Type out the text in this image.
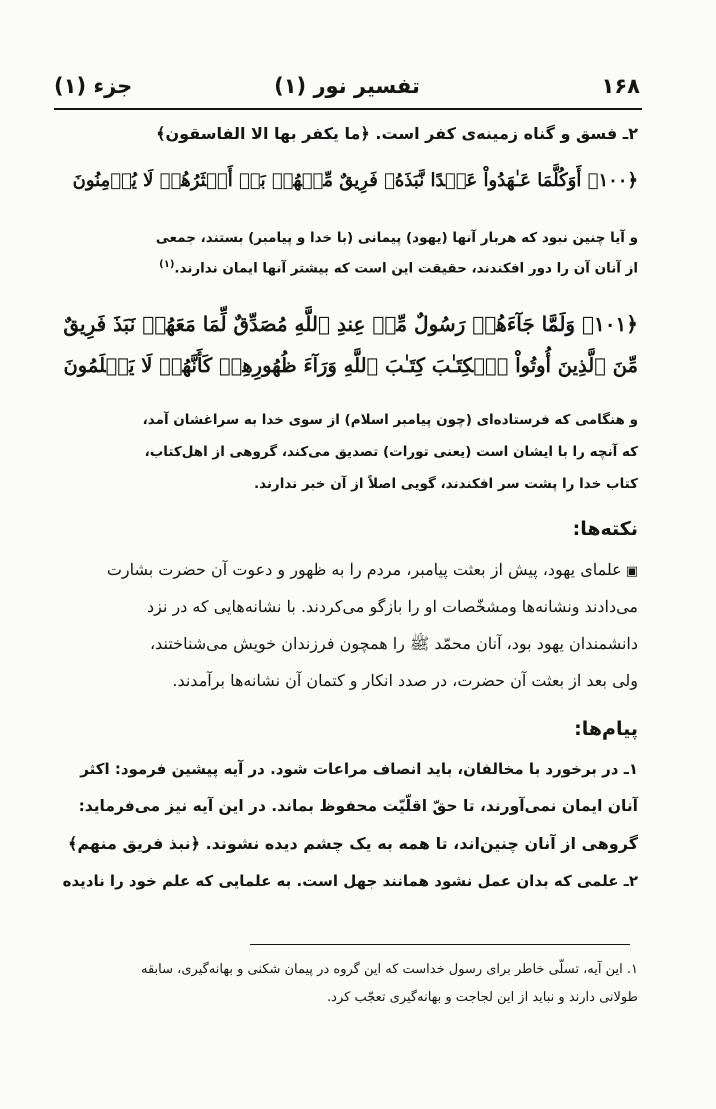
۱۶۸
تفسیر نور (۱)
جزء (۱)
۲ـ فسق و گناه زمینه‌ی کفر است. ﴿ما یکفر بها الا الفاسقون﴾
﴿۱۰۰﴾ أَوَكُلَّمَا عَـٰهَدُواْ عَهۡدًا نَّبَذَهُۥ فَرِيقٌ مِّنۡهُمۚ بَلۡ أَكۡثَرُهُمۡ لَا يُؤۡمِنُونَ
و آیا چنین نبود که هربار آنها (یهود) پیمانی (با خدا و پیامبر) بستند، جمعی
از آنان آن را دور افکندند، حقیقت این است که بیشتر آنها ایمان ندارند.$^{(۱)}$
﴿۱۰۱﴾ وَلَمَّا جَآءَهُمۡ رَسُولٌ مِّنۡ عِندِ ٱللَّهِ مُصَدِّقٌ لِّمَا مَعَهُمۡ نَبَذَ فَرِيقٌ
مِّنَ ٱلَّذِينَ أُوتُواْ ٱلۡكِتَـٰبَ كِتَـٰبَ ٱللَّهِ وَرَآءَ ظُهُورِهِمۡ كَأَنَّهُمۡ لَا يَعۡلَمُونَ
و هنگامی که فرستاده‌ای (چون پیامبر اسلام) از سوی خدا به سراغشان آمد،
که آنچه را با ایشان است (یعنی تورات) تصدیق می‌کند، گروهی از اهل‌کتاب،
کتاب خدا را پشت سر افکندند، گویی اصلاً از آن خبر ندارند.
نکته‌ها:
▣علمای یهود، پیش از بعثت پیامبر، مردم را به ظهور و دعوت آن حضرت بشارت
می‌دادند ونشانه‌ها ومشخّصات او را بازگو می‌کردند. با نشانه‌هایی که در نزد
دانشمندان یهود بود، آنان محمّد ﷺ را همچون فرزندان خویش می‌شناختند،
ولی بعد از بعثت آن حضرت، در صدد انکار و کتمان آن نشانه‌ها برآمدند.
پیام‌ها:
۱ـ در برخورد با مخالفان، باید انصاف مراعات شود. در آیه پیشین فرمود: اکثر
آنان ایمان نمی‌آورند، تا حقّ اقلّیّت محفوظ بماند. در این آیه نیز می‌فرماید:
گروهی از آنان چنین‌اند، تا همه به یک چشم دیده نشوند. ﴿نبذ فریق منهم﴾
۲ـ علمی که بدان عمل نشود همانند جهل است. به علمایی که علم خود را نادیده
۱. این آیه، تسلّی خاطر برای رسول خداست که این گروه در پیمان شکنی و بهانه‌گیری، سابقه
طولانی دارند و نباید از این لجاجت و بهانه‌گیری تعجّب کرد.
